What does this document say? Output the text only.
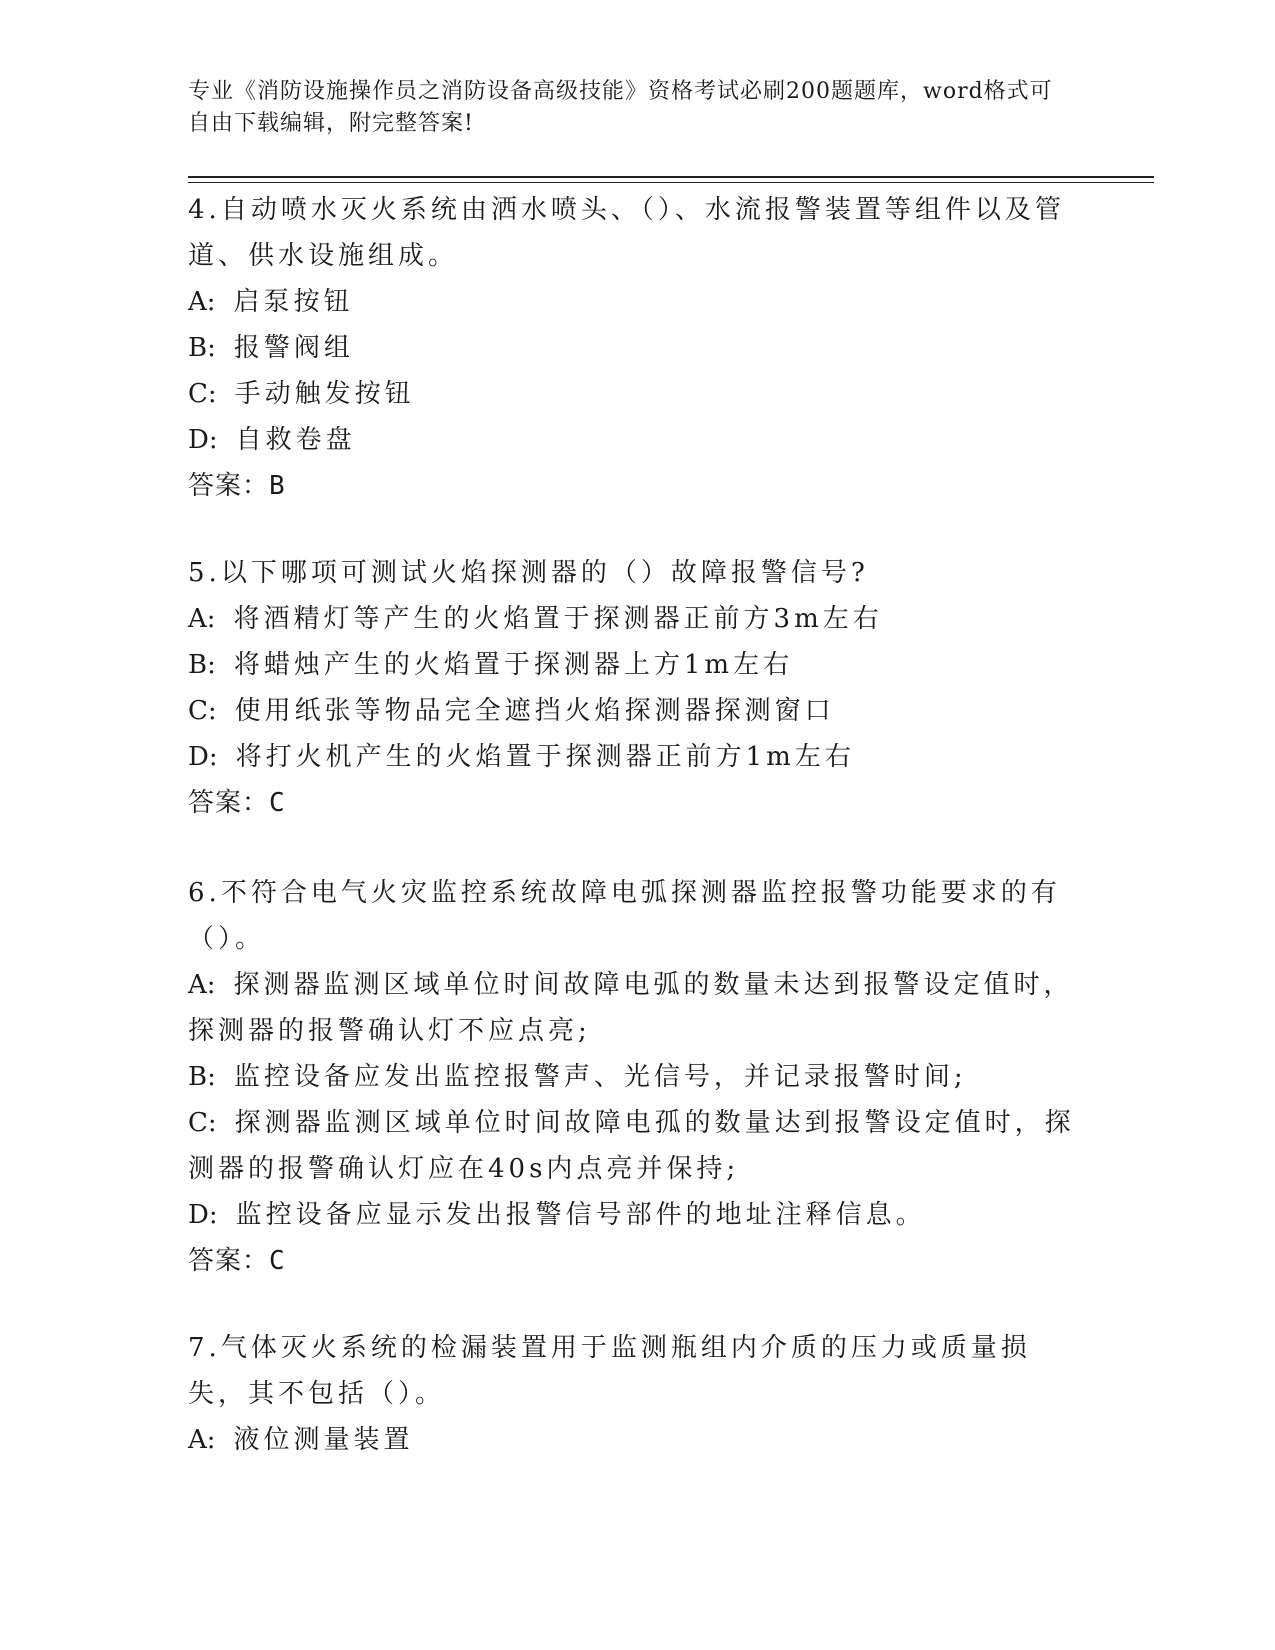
专业《消防设施操作员之消防设备高级技能》资格考试必刷200题题库，word格式可自由下载编辑，附完整答案!

4.自动喷水灭火系统由洒水喷头、（）、水流报警装置等组件以及管道、供水设施组成。

A: 启泵按钮

B: 报警阀组

C: 手动触发按钮

D: 自救卷盘

答案：B

5.以下哪项可测试火焰探测器的（）故障报警信号?

A: 将酒精灯等产生的火焰置于探测器正前方3m左右

B: 将蜡烛产生的火焰置于探测器上方1m左右

C: 使用纸张等物品完全遮挡火焰探测器探测窗口

D: 将打火机产生的火焰置于探测器正前方1m左右

答案：C

6.不符合电气火灾监控系统故障电弧探测器监控报警功能要求的有（）。

A: 探测器监测区域单位时间故障电弧的数量未达到报警设定值时，探测器的报警确认灯不应点亮;

B: 监控设备应发出监控报警声、光信号，并记录报警时间;

C: 探测器监测区域单位时间故障电孤的数量达到报警设定值时，探测器的报警确认灯应在40s内点亮并保持;

D: 监控设备应显示发出报警信号部件的地址注释信息。

答案：C

7.气体灭火系统的检漏装置用于监测瓶组内介质的压力或质量损失，其不包括（）。

A: 液位测量装置
